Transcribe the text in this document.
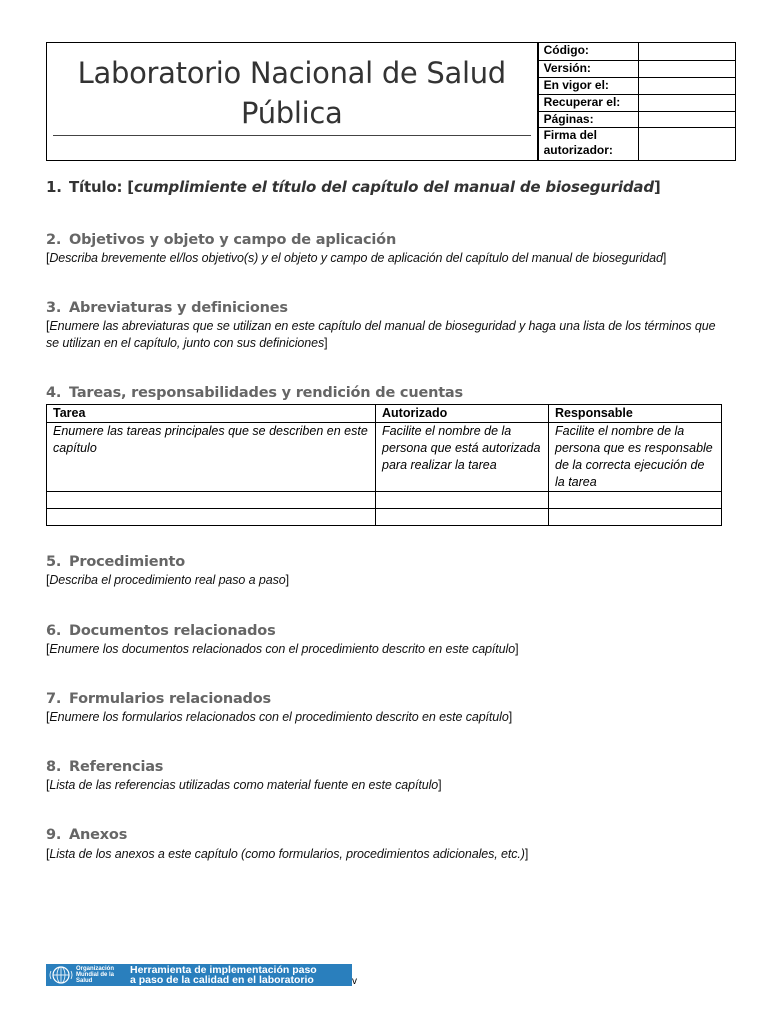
Laboratorio Nacional de Salud Pública
Código:	
Versión:	
En vigor el:	
Recuperar el:	
Páginas:	
Firma del autorizador:	
1. Título: [cumplimiente el título del capítulo del manual de bioseguridad]
2. Objetivos y objeto y campo de aplicación
[Describa brevemente el/los objetivo(s) y el objeto y campo de aplicación del capítulo del manual de bioseguridad]
3. Abreviaturas y definiciones
[Enumere las abreviaturas que se utilizan en este capítulo del manual de bioseguridad y haga una lista de los términos que se utilizan en el capítulo, junto con sus definiciones]
4. Tareas, responsabilidades y rendición de cuentas
Tarea	Autorizado	Responsable
Enumere las tareas principales que se describen en este capítulo	Facilite el nombre de la persona que está autorizada para realizar la tarea	Facilite el nombre de la persona que es responsable de la correcta ejecución de la tarea

5. Procedimiento
[Describa el procedimiento real paso a paso]
6. Documentos relacionados
[Enumere los documentos relacionados con el procedimiento descrito en este capítulo]
7. Formularios relacionados
[Enumere los formularios relacionados con el procedimiento descrito en este capítulo]
8. Referencias
[Lista de las referencias utilizadas como material fuente en este capítulo]
9. Anexos
[Lista de los anexos a este capítulo (como formularios, procedimientos adicionales, etc.)]
Organización Mundial de la Salud
Herramienta de implementación paso
a paso de la calidad en el laboratorio	v
